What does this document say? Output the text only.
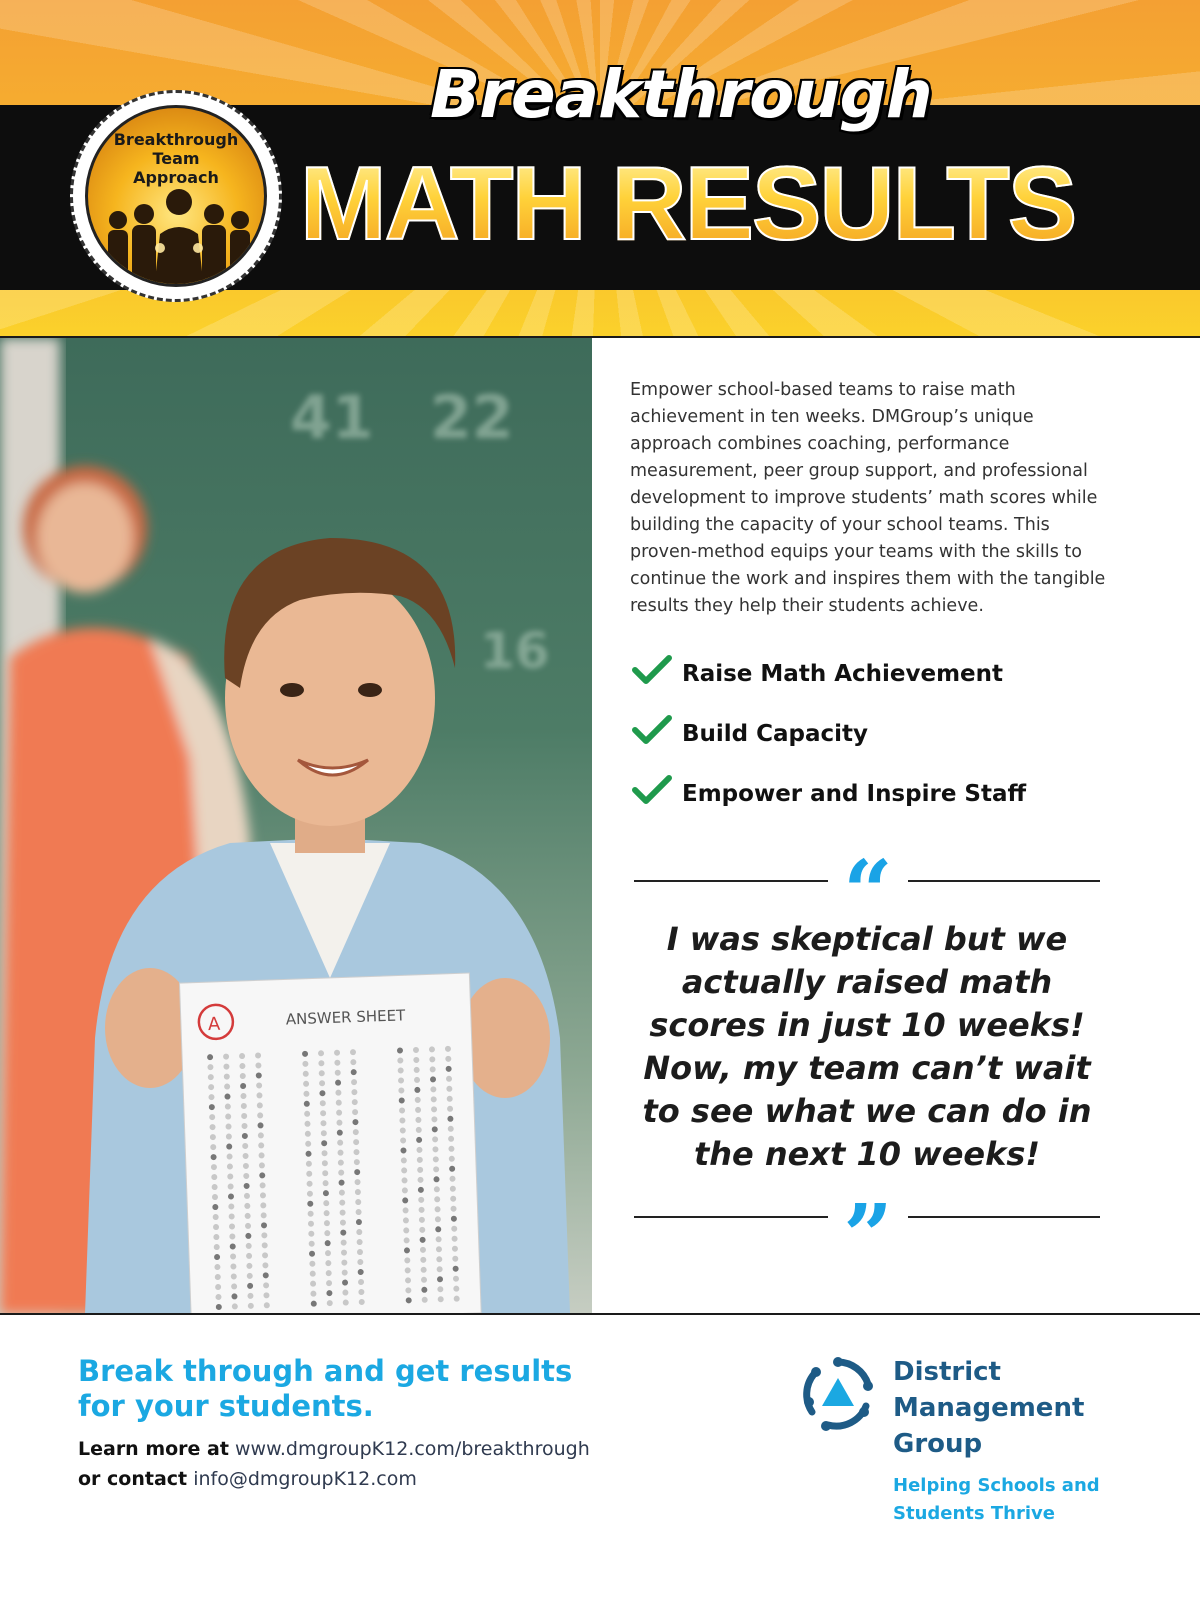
Breakthrough
MATH RESULTS
Breakthrough
Team
Approach
41 22
16
ANSWER SHEET
A

Empower school-based teams to raise math achievement in ten weeks. DMGroup’s unique approach combines coaching, performance measurement, peer group support, and professional development to improve students’ math scores while building the capacity of your school teams. This proven-method equips your teams with the skills to continue the work and inspires them with the tangible results they help their students achieve.

Raise Math Achievement
Build Capacity
Empower and Inspire Staff
“

I was skeptical but we actually raised math scores in just 10 weeks! Now, my team can’t wait to see what we can do in the next 10 weeks!

”
Break through and get results
for your students.
Learn more at www.dmgroupK12.com/breakthrough
or contact info@dmgroupK12.com
District
Management
Group
Helping Schools and
Students Thrive
